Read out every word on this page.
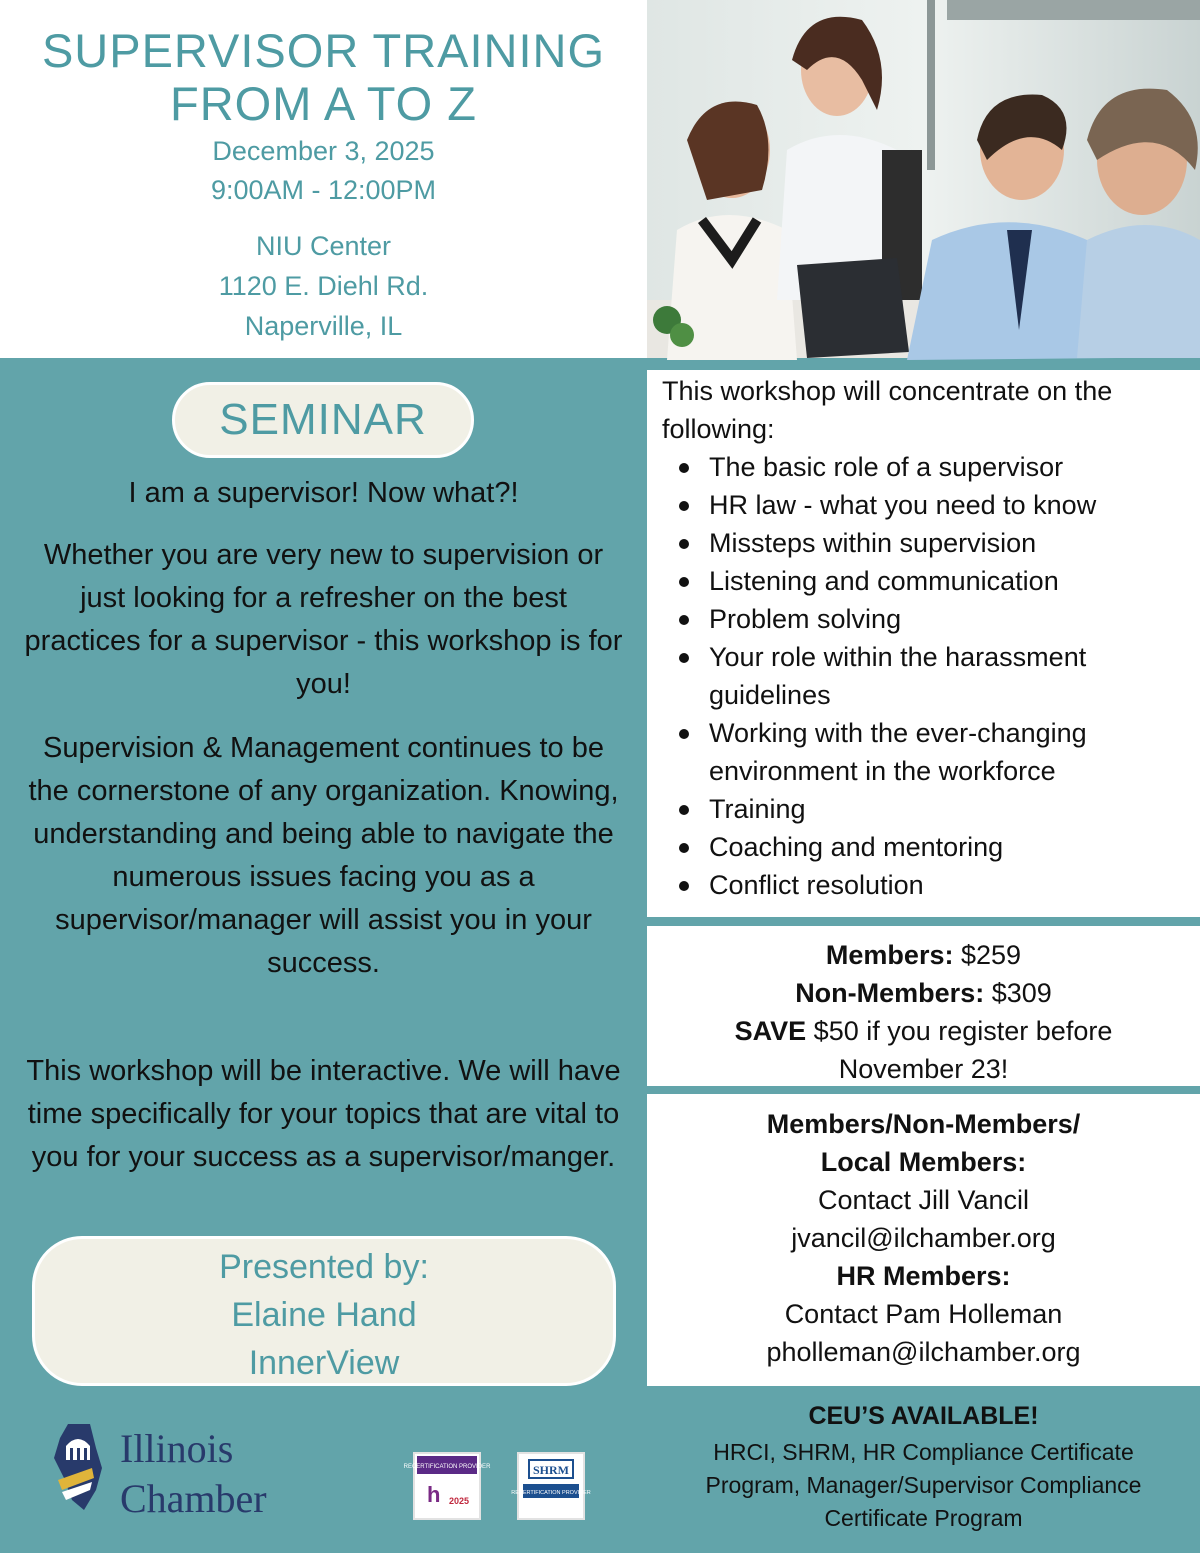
SUPERVISOR TRAINING
FROM A TO Z
December 3, 2025
9:00AM - 12:00PM
NIU Center
1120 E. Diehl Rd.
Naperville, IL
SEMINAR
I am a supervisor! Now what?!
Whether you are very new to supervision or just looking for a refresher on the best practices for a supervisor - this workshop is for you!
Supervision & Management continues to be the cornerstone of any organization. Knowing, understanding and being able to navigate the numerous issues facing you as a supervisor/manager will assist you in your success.
This workshop will be interactive. We will have time specifically for your topics that are vital to you for your success as a supervisor/manger.
Presented by:
Elaine Hand
InnerView
Illinois
Chamber
RECERTIFICATION PROVIDER
h 2025
SHRM
RECERTIFICATION PROVIDER
This workshop will concentrate on the following:
The basic role of a supervisor
HR law - what you need to know
Missteps within supervision
Listening and communication
Problem solving
Your role within the harassment guidelines
Working with the ever-changing environment in the workforce
Training
Coaching and mentoring
Conflict resolution
Members: $259
Non-Members: $309
SAVE $50 if you register before November 23!
Members/Non-Members/
Local Members:
Contact Jill Vancil
jvancil@ilchamber.org
HR Members:
Contact Pam Holleman
pholleman@ilchamber.org
CEU’S AVAILABLE!
HRCI, SHRM, HR Compliance Certificate Program, Manager/Supervisor Compliance Certificate Program
